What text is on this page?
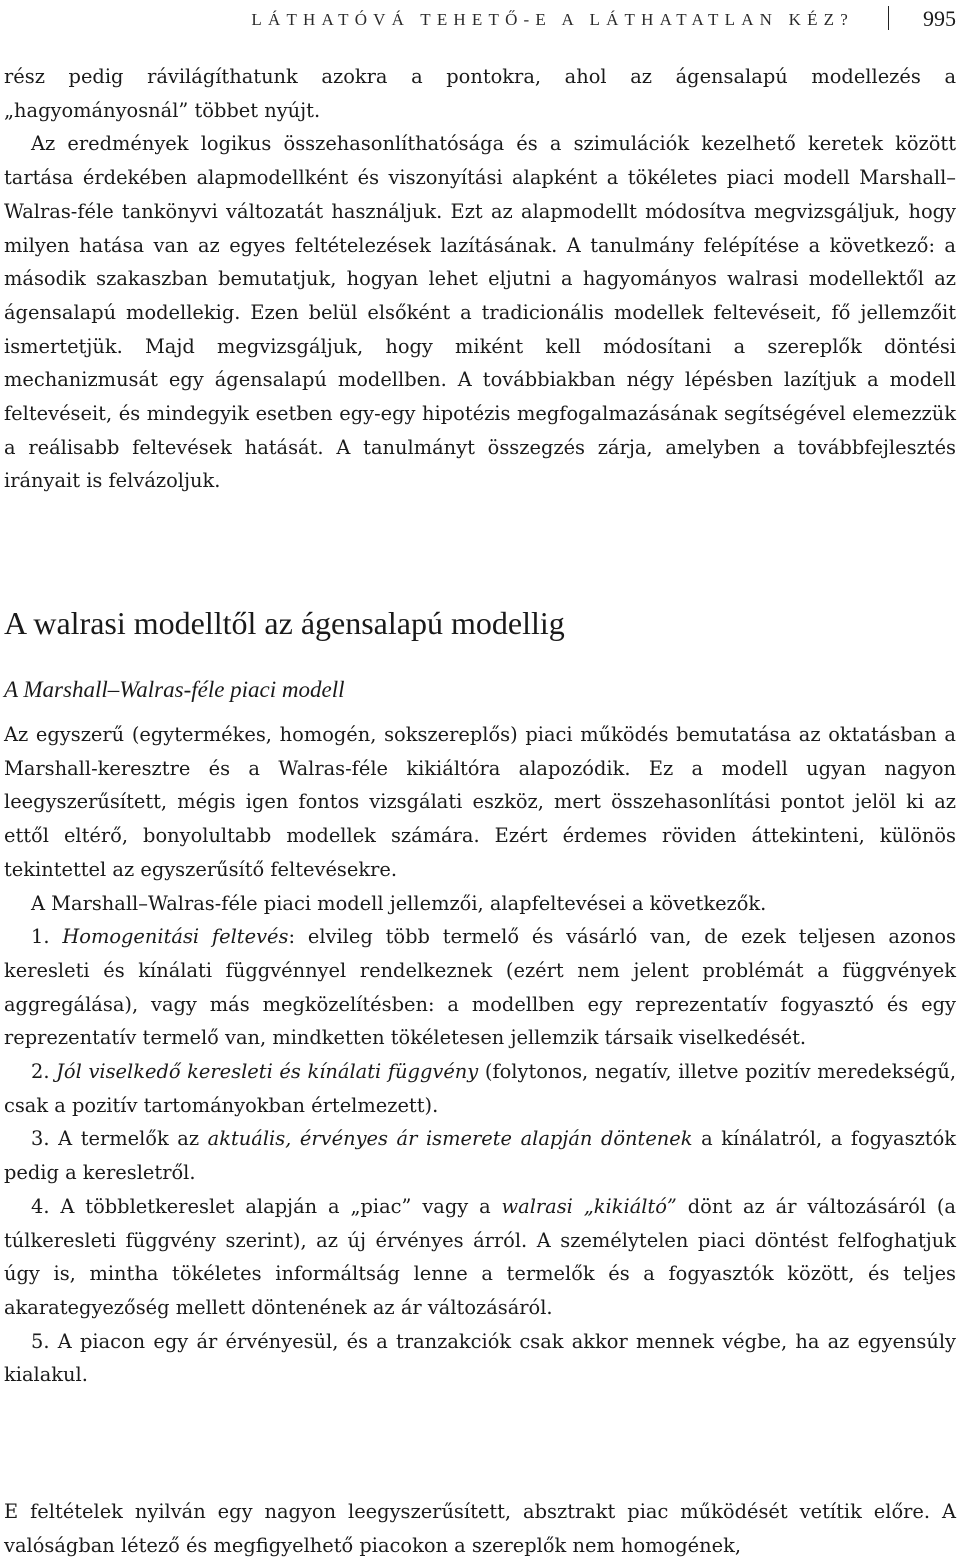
LÁTHATÓVÁ TEHETŐ-E A LÁTHATATLAN KÉZ?	995

rész pedig rávilágíthatunk azokra a pontokra, ahol az ágensalapú modellezés a „hagyományosnál” többet nyújt.

Az eredmények logikus összehasonlíthatósága és a szimulációk kezelhető keretek között tartása érdekében alapmodellként és viszonyítási alapként a tökéletes piaci modell Marshall–Walras-féle tankönyvi változatát használjuk. Ezt az alapmodellt módosítva megvizsgáljuk, hogy milyen hatása van az egyes feltételezések lazításának. A tanulmány felépítése a következő: a második szakaszban bemutatjuk, hogyan lehet eljutni a hagyományos walrasi modellektől az ágensalapú modellekig. Ezen belül elsőként a tradicionális modellek feltevéseit, fő jellemzőit ismertetjük. Majd megvizsgáljuk, hogy miként kell módosítani a szereplők döntési mechanizmusát egy ágensalapú modellben. A továbbiakban négy lépésben lazítjuk a modell feltevéseit, és mindegyik esetben egy-egy hipotézis megfogalmazásának segítségével elemezzük a reálisabb feltevések hatását. A tanulmányt összegzés zárja, amelyben a továbbfejlesztés irányait is felvázoljuk.

A walrasi modelltől az ágensalapú modellig
A Marshall–Walras-féle piaci modell

Az egyszerű (egytermékes, homogén, sokszereplős) piaci működés bemutatása az oktatásban a Marshall-keresztre és a Walras-féle kikiáltóra alapozódik. Ez a modell ugyan nagyon leegyszerűsített, mégis igen fontos vizsgálati eszköz, mert összehasonlítási pontot jelöl ki az ettől eltérő, bonyolultabb modellek számára. Ezért érdemes röviden áttekinteni, különös tekintettel az egyszerűsítő feltevésekre.

A Marshall–Walras-féle piaci modell jellemzői, alapfeltevései a következők.

1. Homogenitási feltevés: elvileg több termelő és vásárló van, de ezek teljesen azonos keresleti és kínálati függvénnyel rendelkeznek (ezért nem jelent problémát a függvények aggregálása), vagy más megközelítésben: a modellben egy reprezentatív fogyasztó és egy reprezentatív termelő van, mindketten tökéletesen jellemzik társaik viselkedését.
2. Jól viselkedő keresleti és kínálati függvény (folytonos, negatív, illetve pozitív meredekségű, csak a pozitív tartományokban értelmezett).
3. A termelők az aktuális, érvényes ár ismerete alapján döntenek a kínálatról, a fogyasztók pedig a keresletről.
4. A többletkereslet alapján a „piac” vagy a walrasi „kikiáltó” dönt az ár változásáról (a túlkeresleti függvény szerint), az új érvényes árról. A személytelen piaci döntést felfoghatjuk úgy is, mintha tökéletes informáltság lenne a termelők és a fogyasztók között, és teljes akarategyezőség mellett döntenének az ár változásáról.
5. A piacon egy ár érvényesül, és a tranzakciók csak akkor mennek végbe, ha az egyensúly kialakul.

E feltételek nyilván egy nagyon leegyszerűsített, absztrakt piac működését vetítik előre. A valóságban létező és megfigyelhető piacokon a szereplők nem homogének,
